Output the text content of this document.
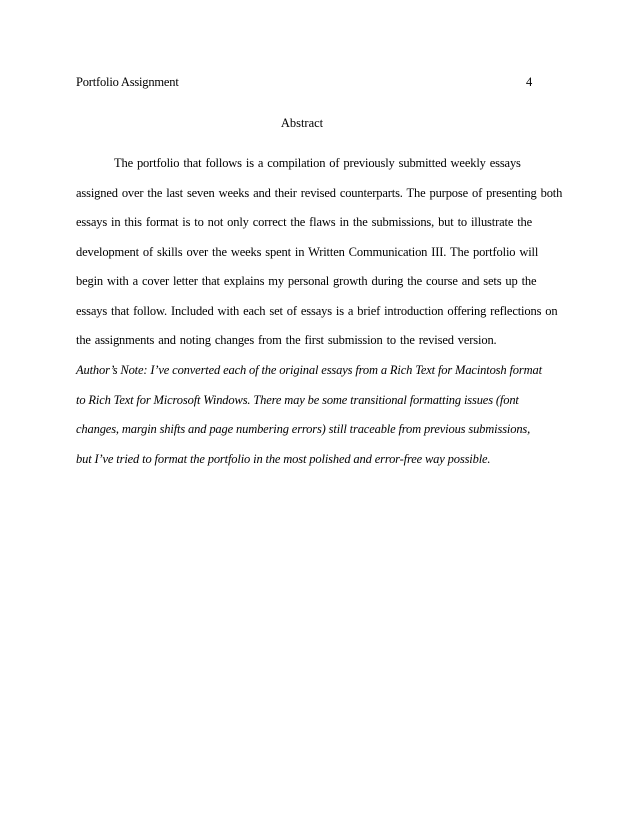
Portfolio Assignment	4
Abstract
The portfolio that follows is a compilation of previously submitted weekly essays
assigned over the last seven weeks and their revised counterparts. The purpose of presenting both
essays in this format is to not only correct the flaws in the submissions, but to illustrate the
development of skills over the weeks spent in Written Communication III. The portfolio will
begin with a cover letter that explains my personal growth during the course and sets up the
essays that follow. Included with each set of essays is a brief introduction offering reflections on
the assignments and noting changes from the first submission to the revised version.
Author’s Note: I’ve converted each of the original essays from a Rich Text for Macintosh format
to Rich Text for Microsoft Windows. There may be some transitional formatting issues (font
changes, margin shifts and page numbering errors) still traceable from previous submissions,
but I’ve tried to format the portfolio in the most polished and error-free way possible.
